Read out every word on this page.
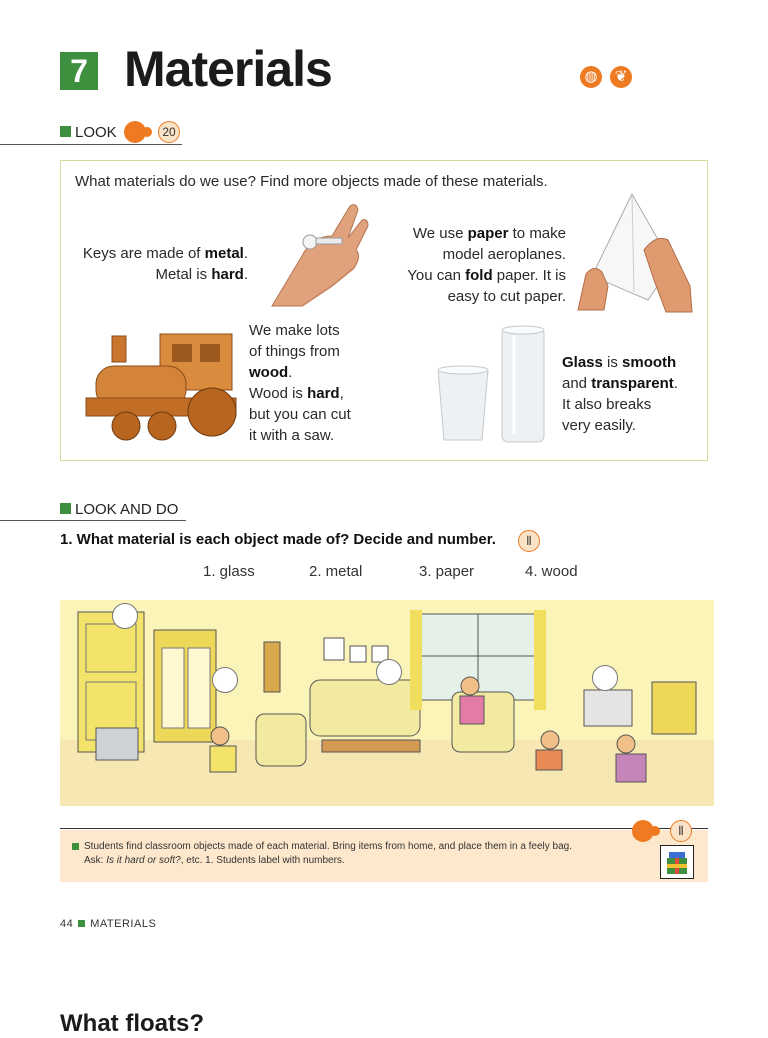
7 Materials	◍	❦
LOOK	20
What materials do we use? Find more objects made of these materials.
Keys are made of metal.
Metal is hard.
We use paper to make
model aeroplanes.
You can fold paper. It is
easy to cut paper.
We make lots
of things from
wood.
Wood is hard,
but you can cut
it with a saw.
Glass is smooth
and transparent.
It also breaks
very easily.
LOOK AND DO
1. What material is each object made of? Decide and number.	⫴
1. glass	2. metal	3. paper	4. wood
Students find classroom objects made of each material. Bring items from home, and place them in a feely bag. Ask: Is it hard or soft?, etc. 1. Students label with numbers.
⫴
44 MATERIALS
What floats?
